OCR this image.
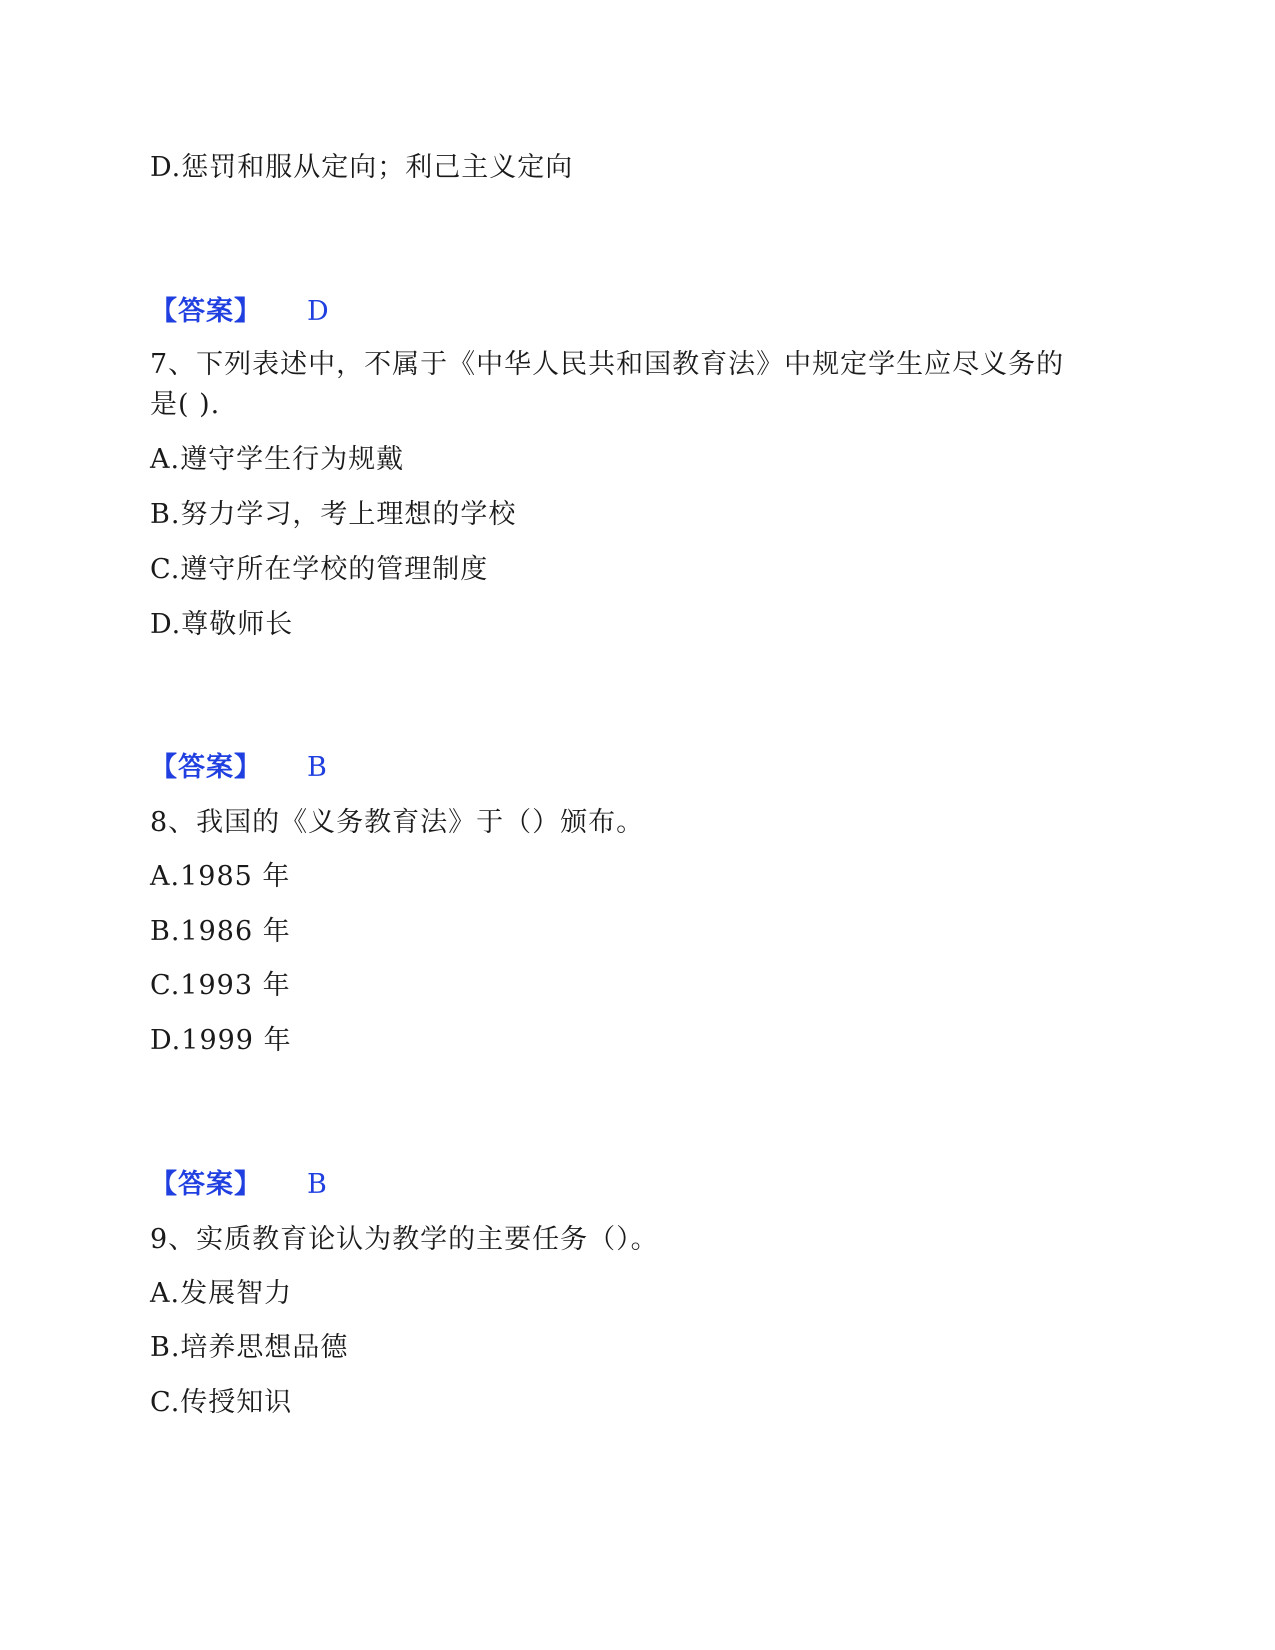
D.惩罚和服从定向；利己主义定向
【答案】 D
7、下列表述中，不属于《中华人民共和国教育法》中规定学生应尽义务的
是( ).
A.遵守学生行为规戴
B.努力学习，考上理想的学校
C.遵守所在学校的管理制度
D.尊敬师长
【答案】 B
8、我国的《义务教育法》于（）颁布。
A.1985 年
B.1986 年
C.1993 年
D.1999 年
【答案】 B
9、实质教育论认为教学的主要任务（）。
A.发展智力
B.培养思想品德
C.传授知识
